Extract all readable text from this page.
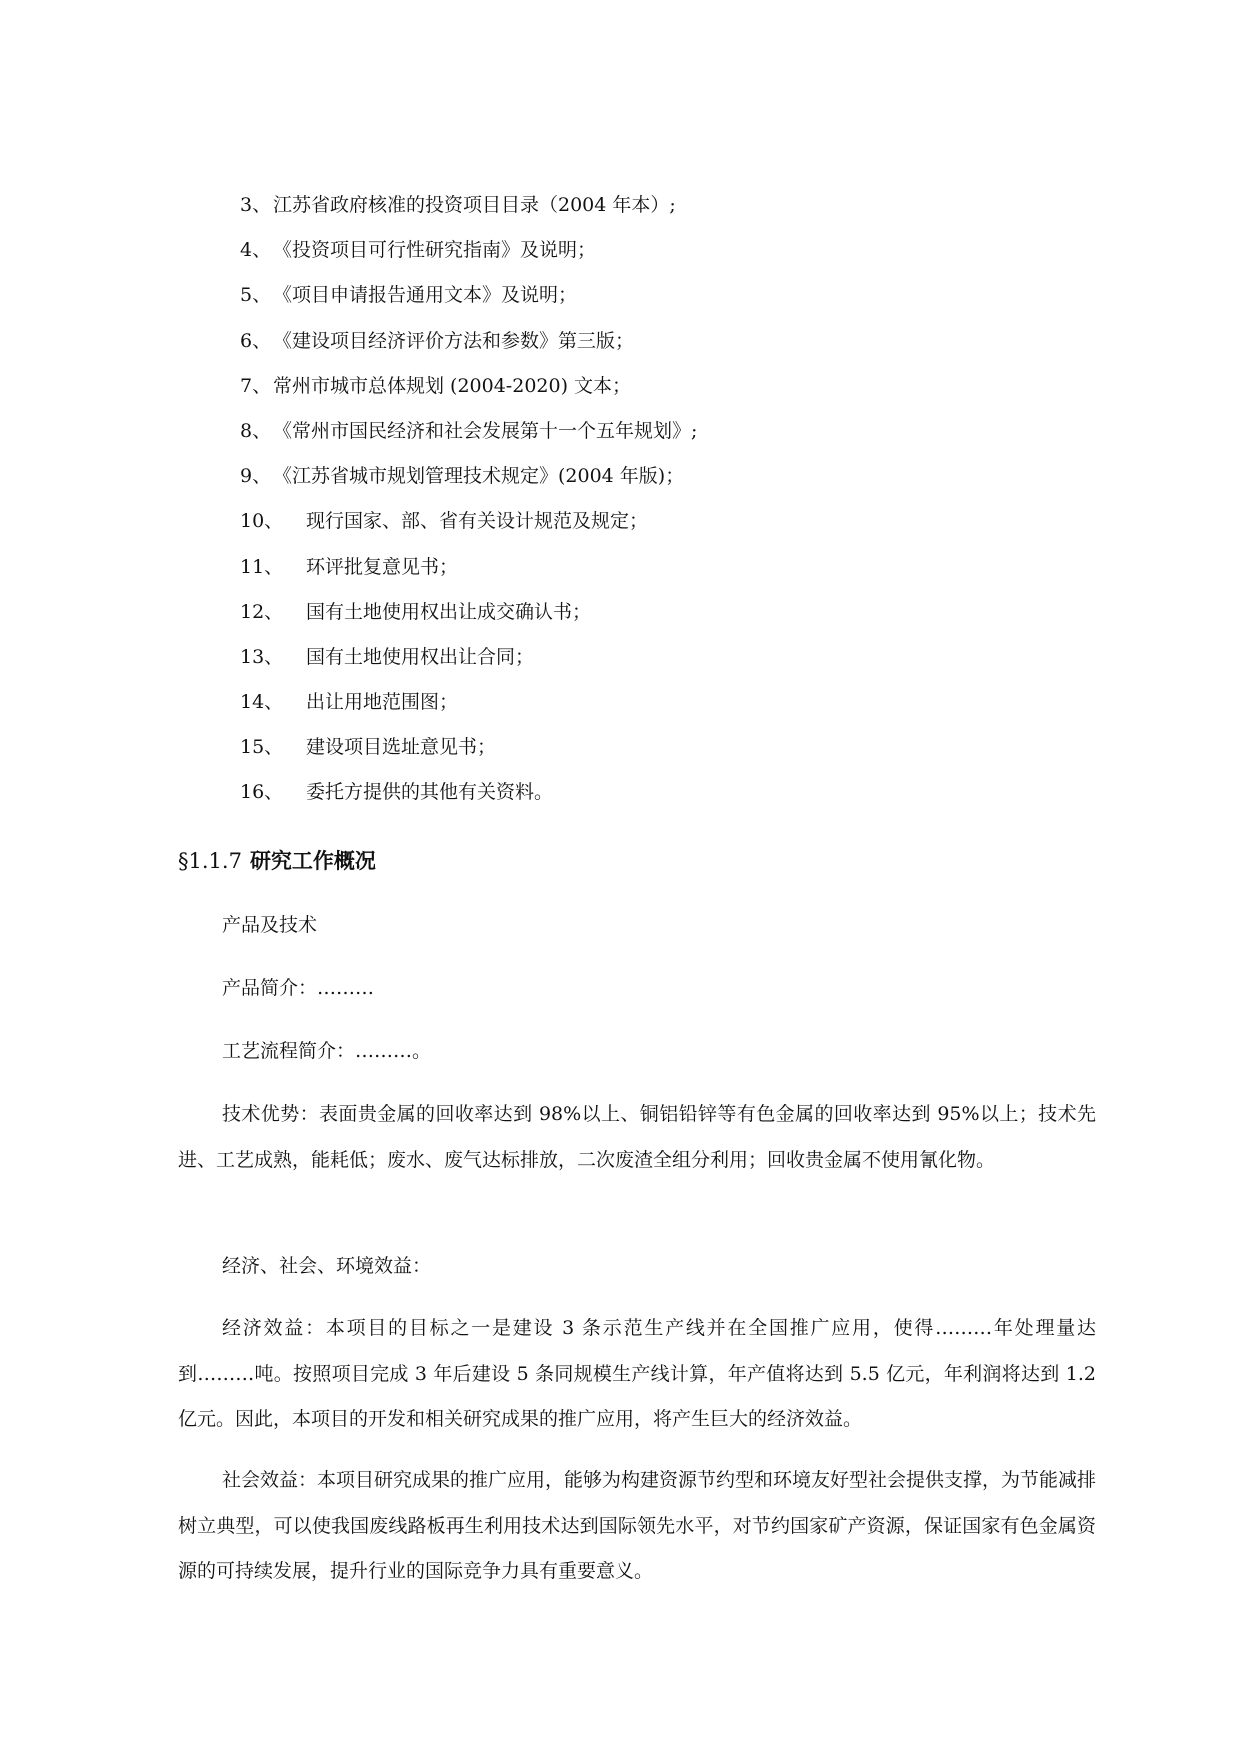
3、 江苏省政府核准的投资项目目录（2004 年本）;
4、 《投资项目可行性研究指南》及说明；
5、 《项目申请报告通用文本》及说明；
6、 《建设项目经济评价方法和参数》第三版；
7、 常州市城市总体规划 (2004-2020) 文本；
8、 《常州市国民经济和社会发展第十一个五年规划》;
9、 《江苏省城市规划管理技术规定》(2004 年版)；
10、	现行国家、部、省有关设计规范及规定；
11、	环评批复意见书；
12、	国有土地使用权出让成交确认书；
13、	国有土地使用权出让合同；
14、	出让用地范围图；
15、	建设项目选址意见书；
16、	委托方提供的其他有关资料。
§1.1.7 研究工作概况

产品及技术

产品简介：………

工艺流程简介：………。

技术优势：表面贵金属的回收率达到 98%以上、铜铝铅锌等有色金属的回收率达到 95%以上；技术先进、工艺成熟，能耗低；废水、废气达标排放，二次废渣全组分利用；回收贵金属不使用氰化物。

经济、社会、环境效益：

经济效益：本项目的目标之一是建设 3 条示范生产线并在全国推广应用，使得………年处理量达到………吨。按照项目完成 3 年后建设 5 条同规模生产线计算，年产值将达到 5.5 亿元，年利润将达到 1.2 亿元。因此，本项目的开发和相关研究成果的推广应用，将产生巨大的经济效益。

社会效益：本项目研究成果的推广应用，能够为构建资源节约型和环境友好型社会提供支撑，为节能减排树立典型，可以使我国废线路板再生利用技术达到国际领先水平，对节约国家矿产资源，保证国家有色金属资源的可持续发展，提升行业的国际竞争力具有重要意义。
